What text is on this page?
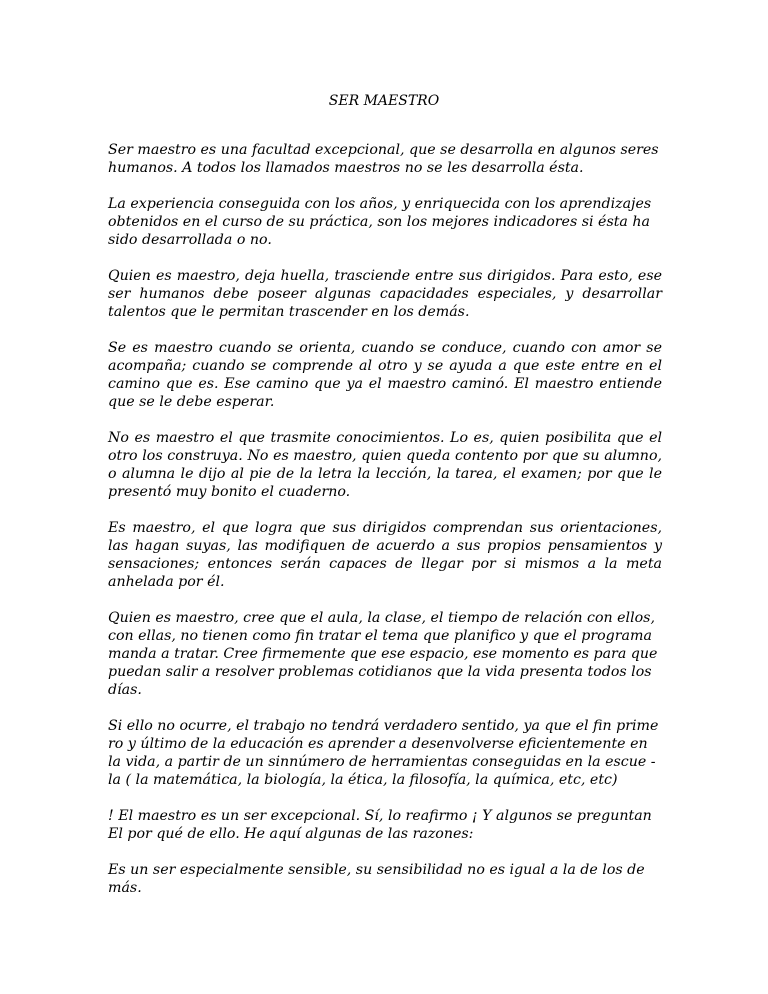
SER MAESTRO
Ser maestro es una facultad excepcional, que se desarrolla en algunos seres
humanos. A todos los llamados maestros no se les desarrolla ésta.
La experiencia conseguida con los años, y enriquecida con los aprendizajes
obtenidos en el curso de su práctica, son los mejores indicadores si ésta ha
sido desarrollada o no.
Quien es maestro, deja huella, trasciende entre sus dirigidos. Para esto, ese
ser humanos debe poseer algunas capacidades especiales, y desarrollar
talentos que le permitan trascender en los demás.
Se es maestro cuando se orienta, cuando se conduce, cuando con amor se
acompaña; cuando se comprende al otro y se ayuda a que este entre en el
camino que es. Ese camino que ya el maestro caminó. El maestro entiende
que se le debe esperar.
No es maestro el que trasmite conocimientos. Lo es, quien posibilita que el
otro los construya. No es maestro, quien queda contento por que su alumno,
o alumna le dijo al pie de la letra la lección, la tarea, el examen; por que le
presentó muy bonito el cuaderno.
Es maestro, el que logra que sus dirigidos comprendan sus orientaciones,
las hagan suyas, las modifiquen de acuerdo a sus propios pensamientos y
sensaciones; entonces serán capaces de llegar por si mismos a la meta
anhelada por él.
Quien es maestro, cree que el aula, la clase, el tiempo de relación con ellos,
con ellas, no tienen como fin tratar el tema que planifico y que el programa
manda a tratar. Cree firmemente que ese espacio, ese momento es para que
puedan salir a resolver problemas cotidianos que la vida presenta todos los
días.
Si ello no ocurre, el trabajo no tendrá verdadero sentido, ya que el fin prime
ro y último de la educación es aprender a desenvolverse eficientemente en
la vida, a partir de un sinnúmero de herramientas conseguidas en la escue -
la ( la matemática, la biología, la ética, la filosofía, la química, etc, etc)
! El maestro es un ser excepcional. Sí, lo reafirmo ¡ Y algunos se preguntan
El por qué de ello. He aquí algunas de las razones:
Es un ser especialmente sensible, su sensibilidad no es igual a la de los de
más.
